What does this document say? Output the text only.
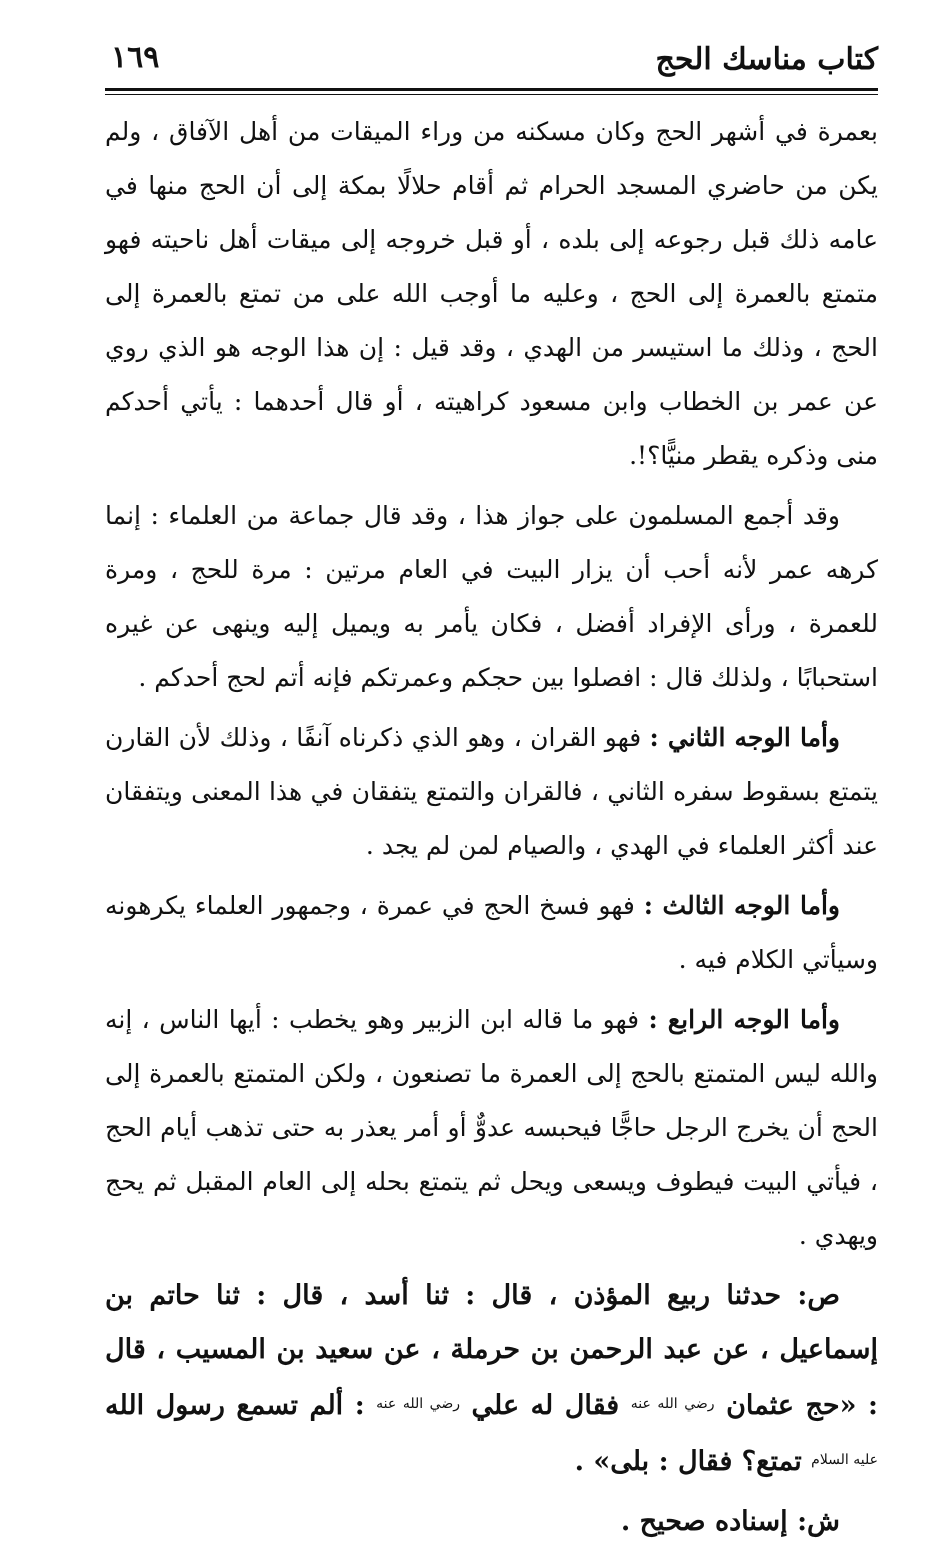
كتاب مناسك الحج
١٦٩

بعمرة في أشهر الحج وكان مسكنه من وراء الميقات من أهل الآفاق ، ولم يكن من حاضري المسجد الحرام ثم أقام حلالًا بمكة إلى أن الحج منها في عامه ذلك قبل رجوعه إلى بلده ، أو قبل خروجه إلى ميقات أهل ناحيته فهو متمتع بالعمرة إلى الحج ، وعليه ما أوجب الله على من تمتع بالعمرة إلى الحج ، وذلك ما استيسر من الهدي ، وقد قيل : إن هذا الوجه هو الذي روي عن عمر بن الخطاب وابن مسعود كراهيته ، أو قال أحدهما : يأتي أحدكم منى وذكره يقطر منيًّا؟!.

وقد أجمع المسلمون على جواز هذا ، وقد قال جماعة من العلماء : إنما كرهه عمر لأنه أحب أن يزار البيت في العام مرتين : مرة للحج ، ومرة للعمرة ، ورأى الإفراد أفضل ، فكان يأمر به ويميل إليه وينهى عن غيره استحبابًا ، ولذلك قال : افصلوا بين حجكم وعمرتكم فإنه أتم لحج أحدكم .

وأما الوجه الثاني : فهو القران ، وهو الذي ذكرناه آنفًا ، وذلك لأن القارن يتمتع بسقوط سفره الثاني ، فالقران والتمتع يتفقان في هذا المعنى ويتفقان عند أكثر العلماء في الهدي ، والصيام لمن لم يجد .

وأما الوجه الثالث : فهو فسخ الحج في عمرة ، وجمهور العلماء يكرهونه وسيأتي الكلام فيه .

وأما الوجه الرابع : فهو ما قاله ابن الزبير وهو يخطب : أيها الناس ، إنه والله ليس المتمتع بالحج إلى العمرة ما تصنعون ، ولكن المتمتع بالعمرة إلى الحج أن يخرج الرجل حاجًّا فيحبسه عدوٌّ أو أمر يعذر به حتى تذهب أيام الحج ، فيأتي البيت فيطوف ويسعى ويحل ثم يتمتع بحله إلى العام المقبل ثم يحج ويهدي .

ص: حدثنا ربيع المؤذن ، قال : ثنا أسد ، قال : ثنا حاتم بن إسماعيل ، عن عبد الرحمن بن حرملة ، عن سعيد بن المسيب ، قال : «حج عثمان $^{رضي الله عنه}$ فقال له علي $^{رضي الله عنه}$ : ألم تسمع رسول الله $^{عليه السلام}$ تمتع؟ فقال : بلى» .

ش: إسناده صحيح .
